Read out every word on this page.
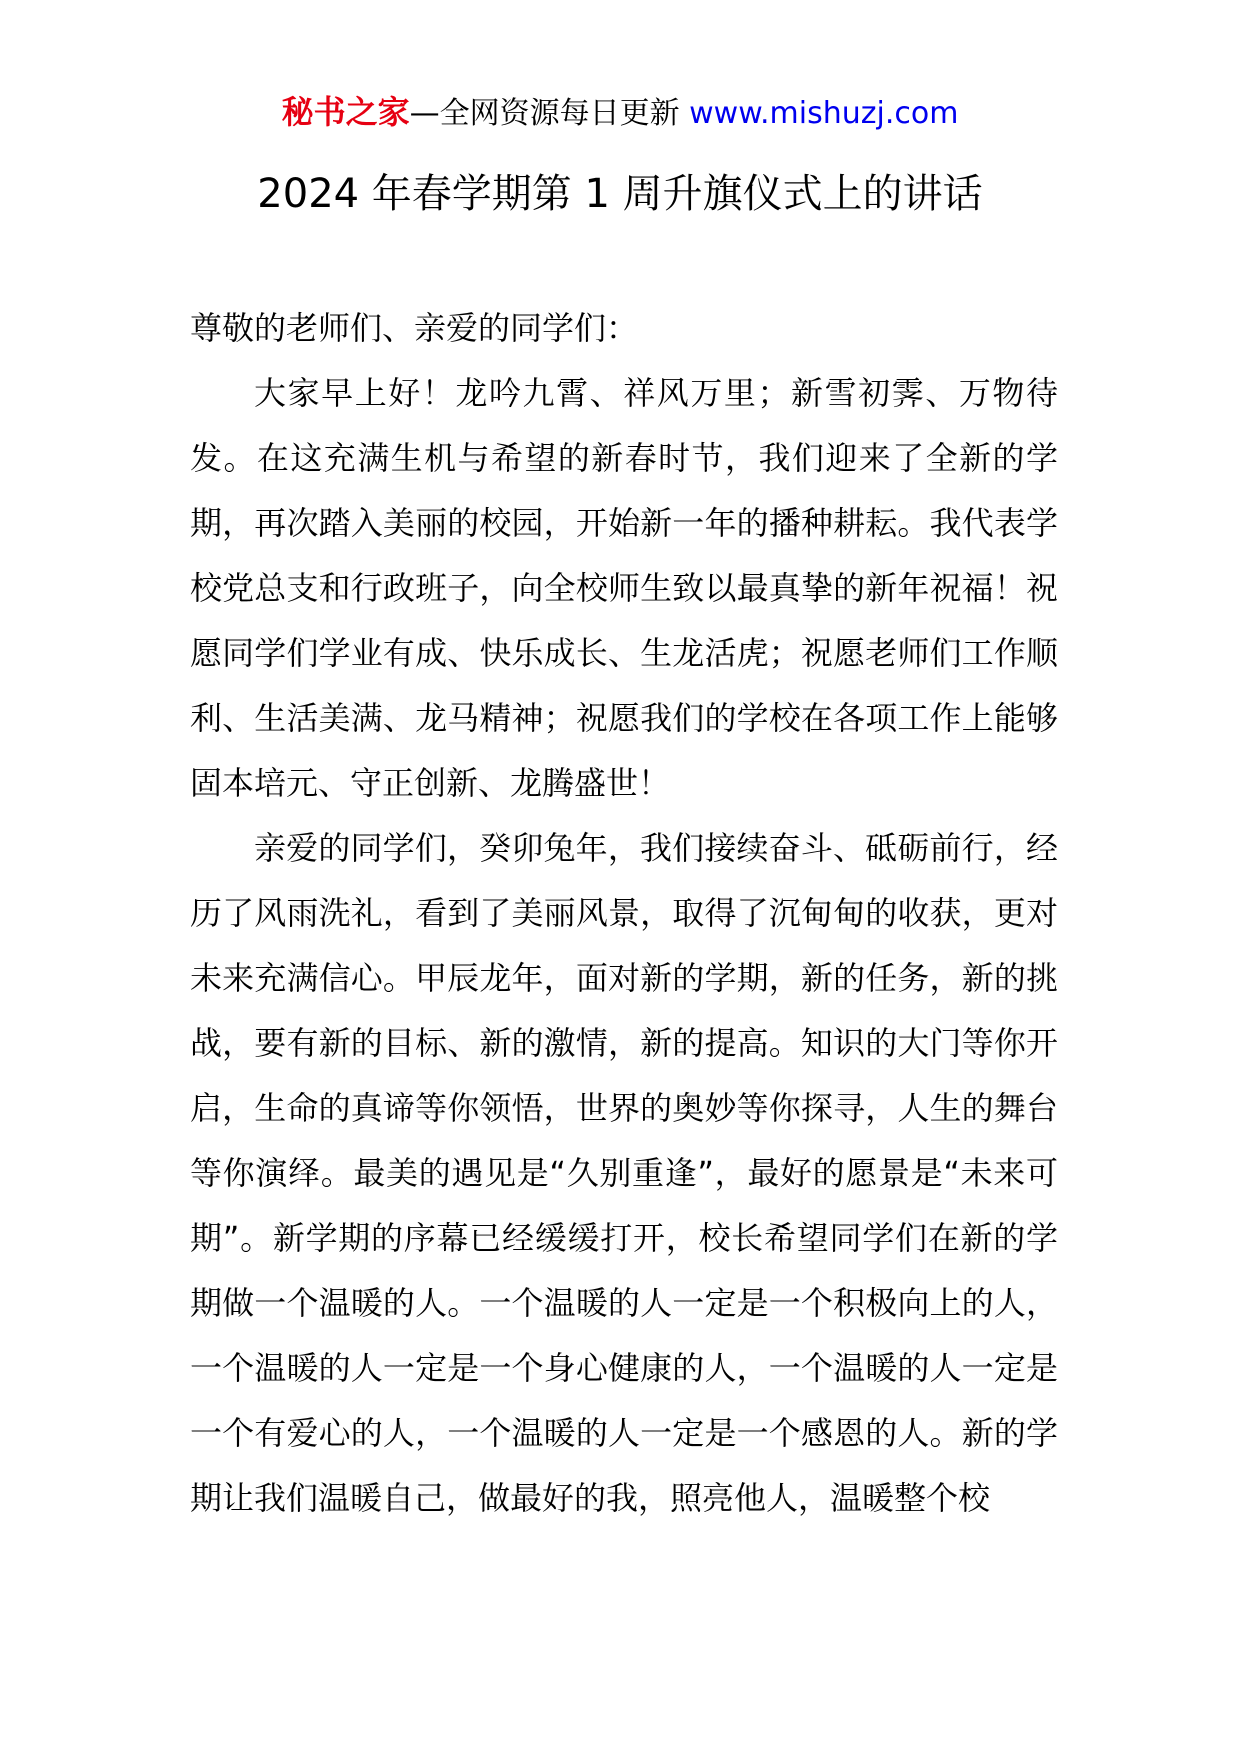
秘书之家—全网资源每日更新 www.mishuzj.com
2024 年春学期第 1 周升旗仪式上的讲话

尊敬的老师们、亲爱的同学们：

大家早上好！龙吟九霄、祥风万里；新雪初霁、万物待发。在这充满生机与希望的新春时节，我们迎来了全新的学期，再次踏入美丽的校园，开始新一年的播种耕耘。我代表学校党总支和行政班子，向全校师生致以最真挚的新年祝福！祝愿同学们学业有成、快乐成长、生龙活虎；祝愿老师们工作顺利、生活美满、龙马精神；祝愿我们的学校在各项工作上能够固本培元、守正创新、龙腾盛世！

亲爱的同学们，癸卯兔年，我们接续奋斗、砥砺前行，经历了风雨洗礼，看到了美丽风景，取得了沉甸甸的收获，更对未来充满信心。甲辰龙年，面对新的学期，新的任务，新的挑战，要有新的目标、新的激情，新的提高。知识的大门等你开启，生命的真谛等你领悟，世界的奥妙等你探寻，人生的舞台等你演绎。最美的遇见是“久别重逢”，最好的愿景是“未来可期”。新学期的序幕已经缓缓打开，校长希望同学们在新的学期做一个温暖的人。一个温暖的人一定是一个积极向上的人，一个温暖的人一定是一个身心健康的人，一个温暖的人一定是一个有爱心的人，一个温暖的人一定是一个感恩的人。新的学期让我们温暖自己，做最好的我，照亮他人，温暖整个校
